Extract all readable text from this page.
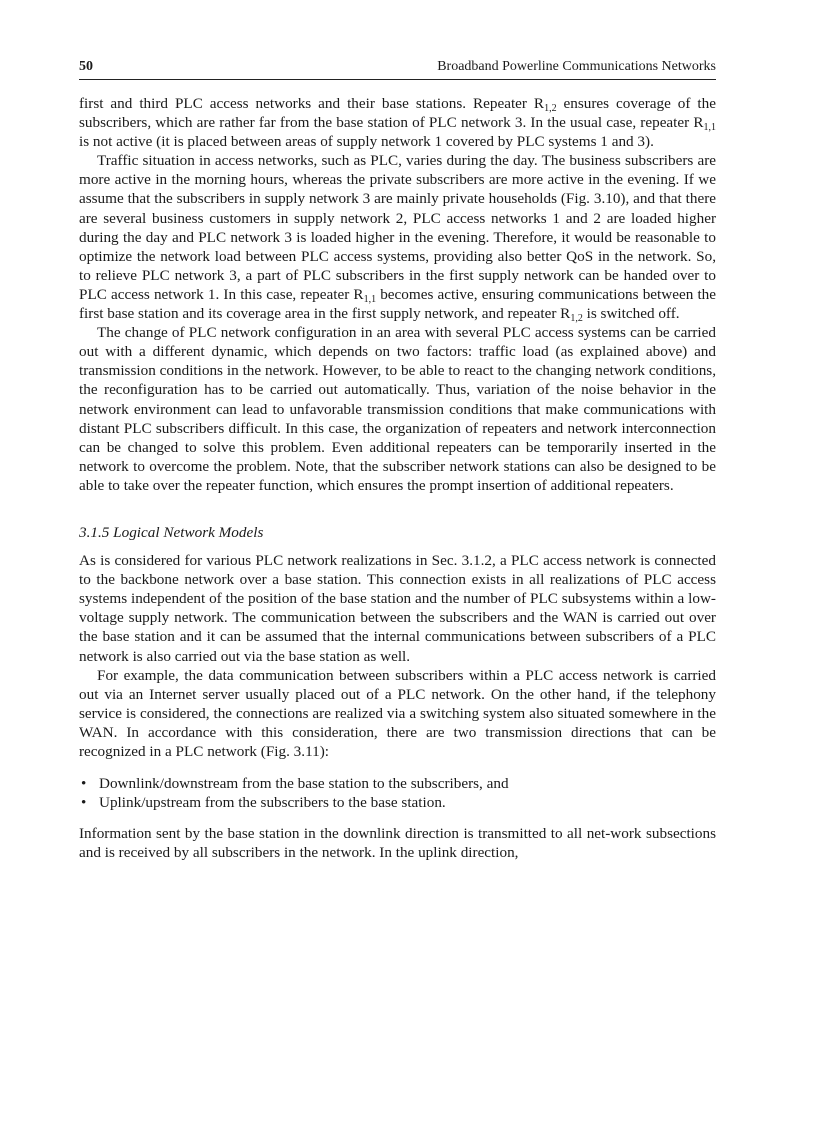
50	Broadband Powerline Communications Networks

first and third PLC access networks and their base stations. Repeater $R_{1,2}$ ensures coverage of the subscribers, which are rather far from the base station of PLC network 3. In the usual case, repeater $R_{1,1}$ is not active (it is placed between areas of supply network 1 covered by PLC systems 1 and 3).

Traffic situation in access networks, such as PLC, varies during the day. The business subscribers are more active in the morning hours, whereas the private subscribers are more active in the evening. If we assume that the subscribers in supply network 3 are mainly private households (Fig. 3.10), and that there are several business customers in supply network 2, PLC access networks 1 and 2 are loaded higher during the day and PLC network 3 is loaded higher in the evening. Therefore, it would be reasonable to optimize the network load between PLC access systems, providing also better QoS in the network. So, to relieve PLC network 3, a part of PLC subscribers in the first supply network can be handed over to PLC access network 1. In this case, repeater $R_{1,1}$ becomes active, ensuring communications between the first base station and its coverage area in the first supply network, and repeater $R_{1,2}$ is switched off.

The change of PLC network configuration in an area with several PLC access systems can be carried out with a different dynamic, which depends on two factors: traffic load (as explained above) and transmission conditions in the network. However, to be able to react to the changing network conditions, the reconfiguration has to be carried out automatically. Thus, variation of the noise behavior in the network environment can lead to unfavorable transmission conditions that make communications with distant PLC subscribers difficult. In this case, the organization of repeaters and network interconnection can be changed to solve this problem. Even additional repeaters can be temporarily inserted in the network to overcome the problem. Note, that the subscriber network stations can also be designed to be able to take over the repeater function, which ensures the prompt insertion of additional repeaters.

3.1.5 Logical Network Models

As is considered for various PLC network realizations in Sec. 3.1.2, a PLC access network is connected to the backbone network over a base station. This connection exists in all realizations of PLC access systems independent of the position of the base station and the number of PLC subsystems within a low-voltage supply network. The communication between the subscribers and the WAN is carried out over the base station and it can be assumed that the internal communications between subscribers of a PLC network is also carried out via the base station as well.

For example, the data communication between subscribers within a PLC access network is carried out via an Internet server usually placed out of a PLC network. On the other hand, if the telephony service is considered, the connections are realized via a switching system also situated somewhere in the WAN. In accordance with this consideration, there are two transmission directions that can be recognized in a PLC network (Fig. 3.11):

• Downlink/downstream from the base station to the subscribers, and
• Uplink/upstream from the subscribers to the base station.

Information sent by the base station in the downlink direction is transmitted to all net-work subsections and is received by all subscribers in the network. In the uplink direction,
